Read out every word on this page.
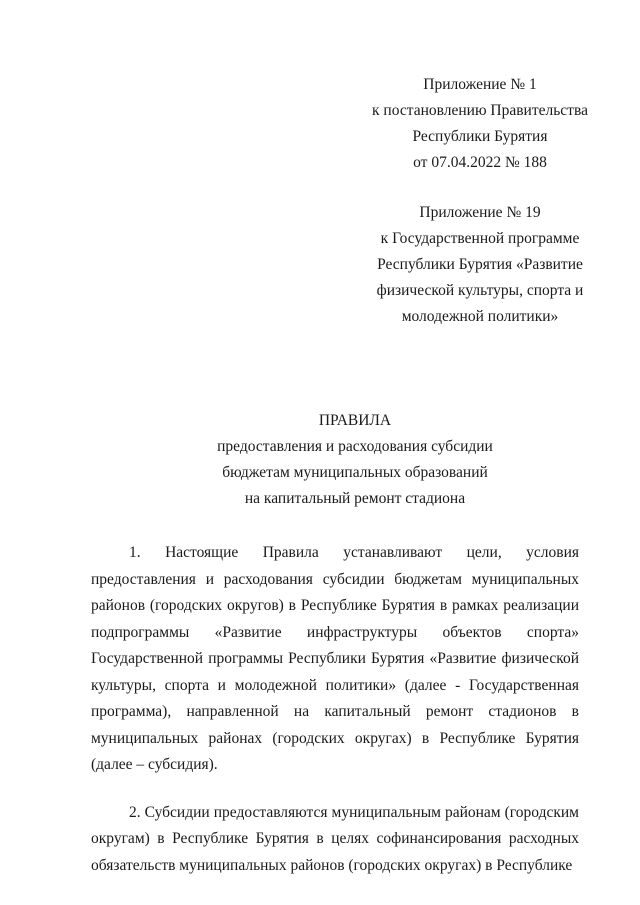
Приложение № 1
к постановлению Правительства
Республики Бурятия
от 07.04.2022 № 188
Приложение № 19
к Государственной программе
Республики Бурятия «Развитие
физической культуры, спорта и
молодежной политики»
ПРАВИЛА
предоставления и расходования субсидии
бюджетам муниципальных образований
на капитальный ремонт стадиона

1. Настоящие Правила устанавливают цели, условия предоставления и расходования субсидии бюджетам муниципальных районов (городских округов) в Республике Бурятия в рамках реализации подпрограммы «Развитие инфраструктуры объектов спорта» Государственной программы Республики Бурятия «Развитие физической культуры, спорта и молодежной политики» (далее - Государственная программа), направленной на капитальный ремонт стадионов в муниципальных районах (городских округах) в Республике Бурятия (далее – субсидия).

2. Субсидии предоставляются муниципальным районам (городским округам) в Республике Бурятия в целях софинансирования расходных обязательств муниципальных районов (городских округах) в Республике
